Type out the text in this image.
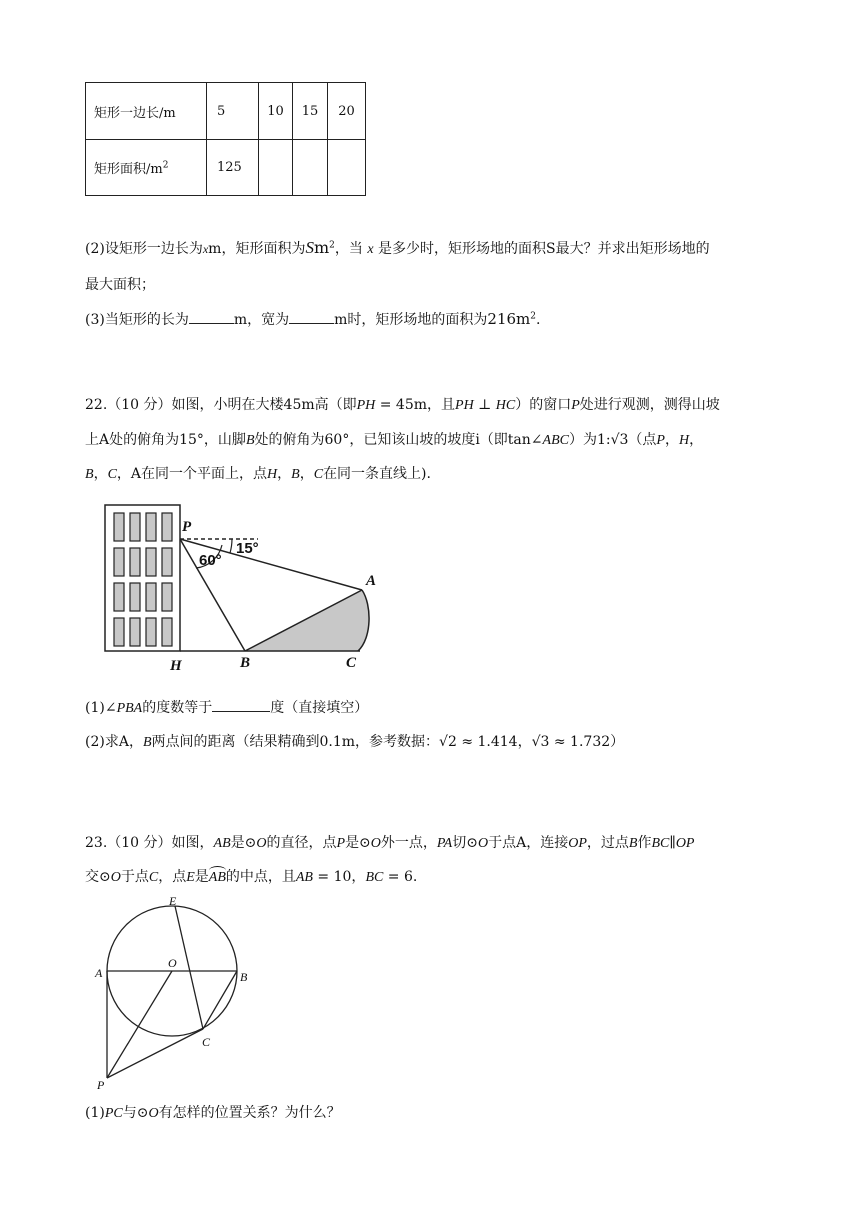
矩形一边长/m	5	10	15	20
矩形面积$/m^2$	125			
(2)设矩形一边长为xm，矩形面积为Sm$^2$，当 x 是多少时，矩形场地的面积S最大？并求出矩形场地的
最大面积；
(3)当矩形的长为	m，宽为	m时，矩形场地的面积为$216m^2$.
22.（10 分）如图，小明在大楼45m高（即PH = 45m，且PH ⊥ HC）的窗口P处进行观测，测得山坡
上A处的俯角为15°，山脚B处的俯角为60°，已知该山坡的坡度i（即tan∠ABC）为1:√3（点P，H，
B，C，A在同一个平面上，点H，B，C在同一条直线上).
P
A
H	B	C
60°
15°
(1)∠PBA的度数等于	度（直接填空）
(2)求A，B两点间的距离（结果精确到0.1m，参考数据：√2 ≈ 1.414，√3 ≈ 1.732）
23.（10 分）如图，AB是⊙O的直径，点P是⊙O外一点，PA切⊙O于点A，连接OP，过点B作BC∥OP
交⊙O于点C，点E是
AB的中点，且AB = 10，BC = 6.
E
A
O
B
C
P
(1)PC与⊙O有怎样的位置关系？为什么？
